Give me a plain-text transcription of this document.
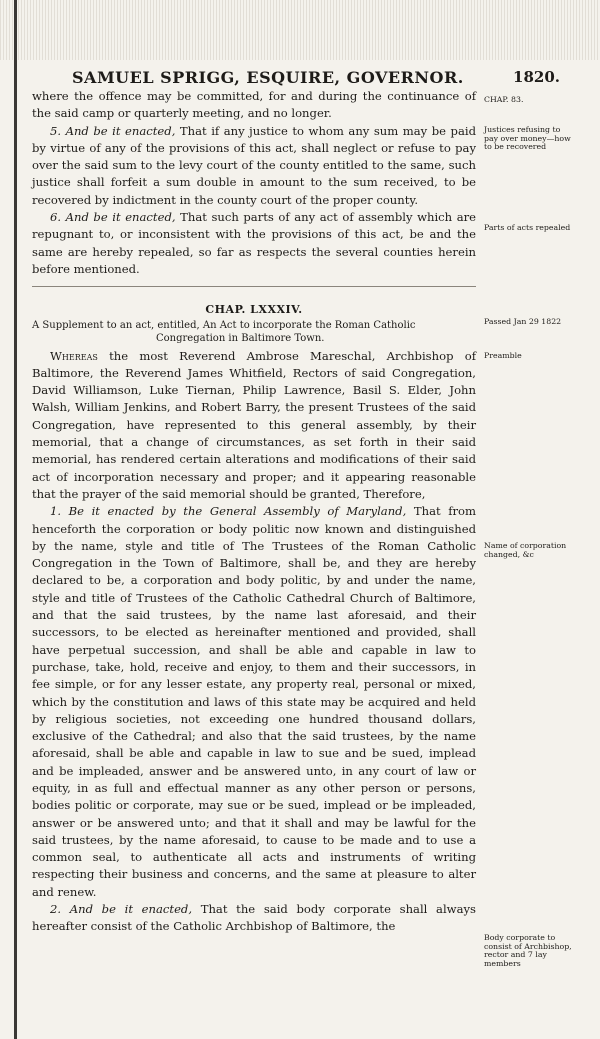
SAMUEL SPRIGG, ESQUIRE, GOVERNOR.	1820.
CHAP. 83.
Justices refusing to pay over money—how to be recovered
Parts of acts repealed
Passed Jan 29 1822
Preamble
Name of corporation changed, &c
Body corporate to consist of Archbishop, rector and 7 lay members

where the offence may be committed, for and during the continuance of the said camp or quarterly meeting, and no longer.

5. And be it enacted, That if any justice to whom any sum may be paid by virtue of any of the provisions of this act, shall neglect or refuse to pay over the said sum to the levy court of the county entitled to the same, such justice shall forfeit a sum double in amount to the sum received, to be recovered by indictment in the county court of the proper county.

6. And be it enacted, That such parts of any act of assembly which are repugnant to, or inconsistent with the provisions of this act, be and the same are hereby repealed, so far as respects the several counties herein before mentioned.

CHAP. LXXXIV.
A Supplement to an act, entitled, An Act to incorporate the Roman Catholic
Congregation in Baltimore Town.

Whereas the most Reverend Ambrose Mareschal, Archbishop of Baltimore, the Reverend James Whitfield, Rectors of said Congregation, David Williamson, Luke Tiernan, Philip Lawrence, Basil S. Elder, John Walsh, William Jenkins, and Robert Barry, the present Trustees of the said Congregation, have represented to this general assembly, by their memorial, that a change of circumstances, as set forth in their said memorial, has rendered certain alterations and modifications of their said act of incorporation necessary and proper; and it appearing reasonable that the prayer of the said memorial should be granted, Therefore,

1. Be it enacted by the General Assembly of Maryland, That from henceforth the corporation or body politic now known and distinguished by the name, style and title of The Trustees of the Roman Catholic Congregation in the Town of Baltimore, shall be, and they are hereby declared to be, a corporation and body politic, by and under the name, style and title of Trustees of the Catholic Cathedral Church of Baltimore, and that the said trustees, by the name last aforesaid, and their successors, to be elected as hereinafter mentioned and provided, shall have perpetual succession, and shall be able and capable in law to purchase, take, hold, receive and enjoy, to them and their successors, in fee simple, or for any lesser estate, any property real, personal or mixed, which by the constitution and laws of this state may be acquired and held by religious societies, not exceeding one hundred thousand dollars, exclusive of the Cathedral; and also that the said trustees, by the name aforesaid, shall be able and capable in law to sue and be sued, implead and be impleaded, answer and be answered unto, in any court of law or equity, in as full and effectual manner as any other person or persons, bodies politic or corporate, may sue or be sued, implead or be impleaded, answer or be answered unto; and that it shall and may be lawful for the said trustees, by the name aforesaid, to cause to be made and to use a common seal, to authenticate all acts and instruments of writing respecting their business and concerns, and the same at pleasure to alter and renew.

2. And be it enacted, That the said body corporate shall always hereafter consist of the Catholic Archbishop of Baltimore, the
